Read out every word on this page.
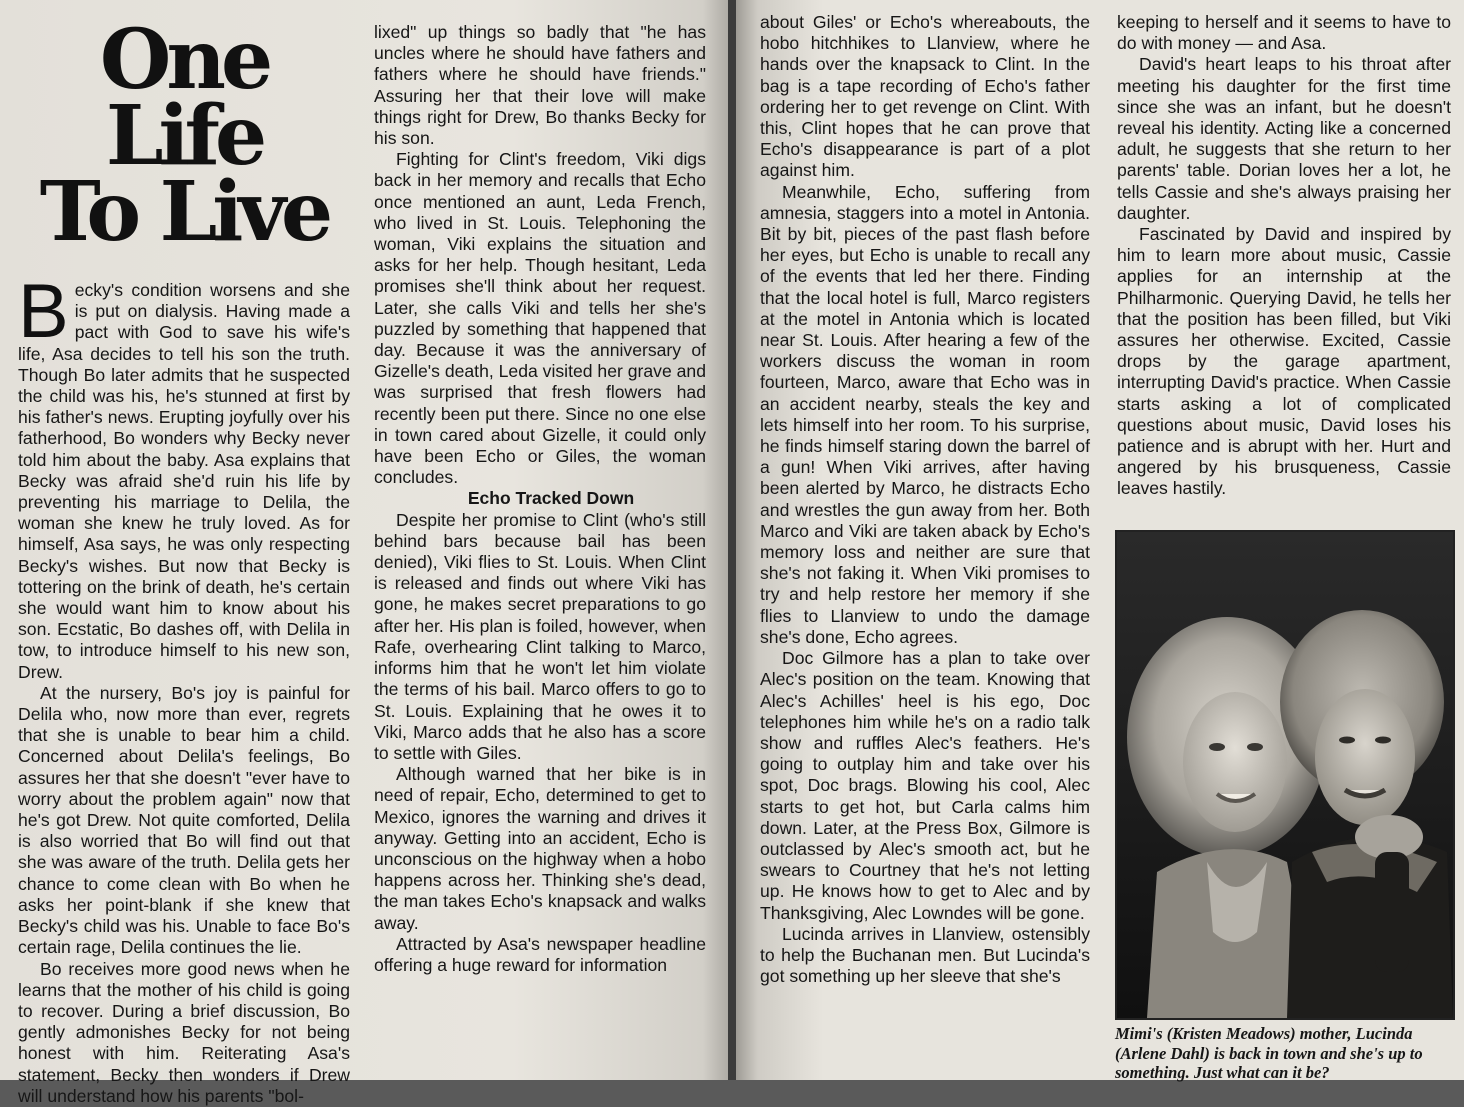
One Life
To Live

Becky's condition worsens and she is put on dialysis. Having made a pact with God to save his wife's life, Asa decides to tell his son the truth. Though Bo later admits that he suspected the child was his, he's stunned at first by his father's news. Erupting joyfully over his fatherhood, Bo wonders why Becky never told him about the baby. Asa explains that Becky was afraid she'd ruin his life by preventing his marriage to Delila, the woman she knew he truly loved. As for himself, Asa says, he was only respecting Becky's wishes. But now that Becky is tottering on the brink of death, he's certain she would want him to know about his son. Ecstatic, Bo dashes off, with Delila in tow, to introduce himself to his new son, Drew.

At the nursery, Bo's joy is painful for Delila who, now more than ever, regrets that she is unable to bear him a child. Concerned about Delila's feelings, Bo assures her that she doesn't "ever have to worry about the problem again" now that he's got Drew. Not quite comforted, Delila is also worried that Bo will find out that she was aware of the truth. Delila gets her chance to come clean with Bo when he asks her point-blank if she knew that Becky's child was his. Unable to face Bo's certain rage, Delila continues the lie.

Bo receives more good news when he learns that the mother of his child is going to recover. During a brief discussion, Bo gently admonishes Becky for not being honest with him. Reiterating Asa's statement, Becky then wonders if Drew will understand how his parents "bol-

lixed" up things so badly that "he has uncles where he should have fathers and fathers where he should have friends." Assuring her that their love will make things right for Drew, Bo thanks Becky for his son.

Fighting for Clint's freedom, Viki digs back in her memory and recalls that Echo once mentioned an aunt, Leda French, who lived in St. Louis. Telephoning the woman, Viki explains the situation and asks for her help. Though hesitant, Leda promises she'll think about her request. Later, she calls Viki and tells her she's puzzled by something that happened that day. Because it was the anniversary of Gizelle's death, Leda visited her grave and was surprised that fresh flowers had recently been put there. Since no one else in town cared about Gizelle, it could only have been Echo or Giles, the woman concludes.

Echo Tracked Down

Despite her promise to Clint (who's still behind bars because bail has been denied), Viki flies to St. Louis. When Clint is released and finds out where Viki has gone, he makes secret preparations to go after her. His plan is foiled, however, when Rafe, overhearing Clint talking to Marco, informs him that he won't let him violate the terms of his bail. Marco offers to go to St. Louis. Explaining that he owes it to Viki, Marco adds that he also has a score to settle with Giles.

Although warned that her bike is in need of repair, Echo, determined to get to Mexico, ignores the warning and drives it anyway. Getting into an accident, Echo is unconscious on the highway when a hobo happens across her. Thinking she's dead, the man takes Echo's knapsack and walks away.

Attracted by Asa's newspaper headline offering a huge reward for information

about Giles' or Echo's whereabouts, the hobo hitchhikes to Llanview, where he hands over the knapsack to Clint. In the bag is a tape recording of Echo's father ordering her to get revenge on Clint. With this, Clint hopes that he can prove that Echo's disappearance is part of a plot against him.

Meanwhile, Echo, suffering from amnesia, staggers into a motel in Antonia. Bit by bit, pieces of the past flash before her eyes, but Echo is unable to recall any of the events that led her there. Finding that the local hotel is full, Marco registers at the motel in Antonia which is located near St. Louis. After hearing a few of the workers discuss the woman in room fourteen, Marco, aware that Echo was in an accident nearby, steals the key and lets himself into her room. To his surprise, he finds himself staring down the barrel of a gun! When Viki arrives, after having been alerted by Marco, he distracts Echo and wrestles the gun away from her. Both Marco and Viki are taken aback by Echo's memory loss and neither are sure that she's not faking it. When Viki promises to try and help restore her memory if she flies to Llanview to undo the damage she's done, Echo agrees.

Doc Gilmore has a plan to take over Alec's position on the team. Knowing that Alec's Achilles' heel is his ego, Doc telephones him while he's on a radio talk show and ruffles Alec's feathers. He's going to outplay him and take over his spot, Doc brags. Blowing his cool, Alec starts to get hot, but Carla calms him down. Later, at the Press Box, Gilmore is outclassed by Alec's smooth act, but he swears to Courtney that he's not letting up. He knows how to get to Alec and by Thanksgiving, Alec Lowndes will be gone.

Lucinda arrives in Llanview, ostensibly to help the Buchanan men. But Lucinda's got something up her sleeve that she's

keeping to herself and it seems to have to do with money — and Asa.

David's heart leaps to his throat after meeting his daughter for the first time since she was an infant, but he doesn't reveal his identity. Acting like a concerned adult, he suggests that she return to her parents' table. Dorian loves her a lot, he tells Cassie and she's always praising her daughter.

Fascinated by David and inspired by him to learn more about music, Cassie applies for an internship at the Philharmonic. Querying David, he tells her that the position has been filled, but Viki assures her otherwise. Excited, Cassie drops by the garage apartment, interrupting David's practice. When Cassie starts asking a lot of complicated questions about music, David loses his patience and is abrupt with her. Hurt and angered by his brusqueness, Cassie leaves hastily.

Mimi's (Kristen Meadows) mother, Lucinda (Arlene Dahl) is back in town and she's up to something. Just what can it be?
